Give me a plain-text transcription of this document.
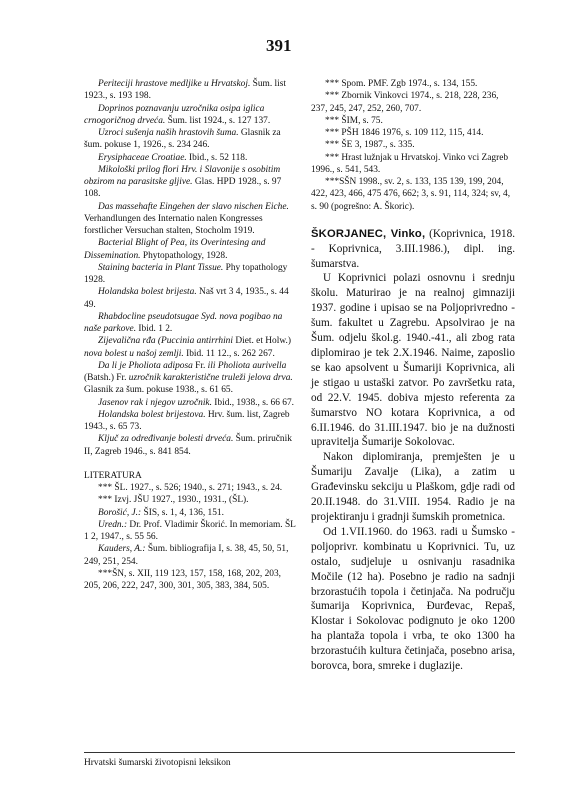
391

Periteciji hrastove medljike u Hrvatskoj. Šum. list 1923., s. 193 198.

Doprinos poznavanju uzročnika osipa iglica crnogoričnog drveća. Šum. list 1924., s. 127 137.

Uzroci sušenja naših hrastovih šuma. Glasnik za šum. pokuse 1, 1926., s. 234 246.

Erysiphaceae Croatiae. Ibid., s. 52 118.

Mikološki prilog flori Hrv. i Slavonije s osobitim obzirom na parasitske gljive. Glas. HPD 1928., s. 97 108.

Das massehafte Eingehen der slavo nischen Eiche. Verhandlungen des Internatio nalen Kongresses forstlicher Versuchan stalten, Stocholm 1919.

Bacterial Blight of Pea, its Overintesing and Dissemination. Phytopathology, 1928.

Staining bacteria in Plant Tissue. Phy topathology 1928.

Holandska bolest brijesta. Naš vrt 3 4, 1935., s. 44 49.

Rhabdocline pseudotsugae Syd. nova pogibao na naše parkove. Ibid. 1 2.

Zijevalična rđa (Puccinia antirrhini Diet. et Holw.) nova bolest u našoj zemlji. Ibid. 11 12., s. 262 267.

Da li je Pholiota adiposa Fr. ili Pholiota aurivella (Batsh.) Fr. uzročnik karakterističnе truleži jelova drva. Glasnik za šum. pokuse 1938., s. 61 65.

Jasenov rak i njegov uzročnik. Ibid., 1938., s. 66 67.

Holandska bolest brijestova. Hrv. šum. list, Zagreb 1943., s. 65 73.

Ključ za određivanje bolesti drveća. Šum. priručnik II, Zagreb 1946., s. 841 854.

LITERATURA

*** ŠL. 1927., s. 526; 1940., s. 271; 1943., s. 24.

*** Izvj. JŠU 1927., 1930., 1931., (ŠL).

Borošić, J.: ŠIS, s. 1, 4, 136, 151.

Uredn.: Dr. Prof. Vladimir Škorić. In memoriam. ŠL 1 2, 1947., s. 55 56.

Kauders, A.: Šum. bibliografija I, s. 38, 45, 50, 51, 249, 251, 254.

***ŠN, s. XII, 119 123, 157, 158, 168, 202, 203, 205, 206, 222, 247, 300, 301, 305, 383, 384, 505.

*** Spom. PMF. Zgb 1974., s. 134, 155.

*** Zbornik Vinkovci 1974., s. 218, 228, 236, 237, 245, 247, 252, 260, 707.

*** ŠIM, s. 75.

*** PŠH 1846 1976, s. 109 112, 115, 414.

*** ŠE 3, 1987., s. 335.

*** Hrast lužnjak u Hrvatskoj. Vinko vci Zagreb 1996., s. 541, 543.

***SŠN 1998., sv. 2, s. 133, 135 139, 199, 204, 422, 423, 466, 475 476, 662; 3, s. 91, 114, 324; sv, 4, s. 90 (pogrešno: A. Škoric).

ŠKORJANEC, Vinko, (Koprivnica, 1918. - Koprivnica, 3.III.1986.), dipl. ing. šumarstva.

U Koprivnici polazi osnovnu i srednju školu. Maturirao je na realnoj gimnaziji 1937. godine i upisao se na Poljoprivredno - šum. fakultet u Zagrebu. Apsolvirao je na Šum. odjelu škol.g. 1940.-41., ali zbog rata diplomirao je tek 2.X.1946. Naime, zaposlio se kao apsolvent u Šumariji Koprivnica, ali je stigao u ustaški zatvor. Po završetku rata, od 22.V. 1945. dobiva mjesto referenta za šumarstvo NO kotara Koprivnica, a od 6.II.1946. do 31.III.1947. bio je na dužnosti upravitelja Šumarije Sokolovac.

Nakon diplomiranja, premješten je u Šumariju Zavalje (Lika), a zatim u Građevinsku sekciju u Plaškom, gdje radi od 20.II.1948. do 31.VIII. 1954. Radio je na projektiranju i gradnji šumskih prometnica.

Od 1.VII.1960. do 1963. radi u Šumsko - poljoprivr. kombinatu u Koprivnici. Tu, uz ostalo, sudjeluje u osnivanju rasadnika Močile (12 ha). Posebno je radio na sadnji brzorastućih topola i četinjača. Na području šumarija Koprivnica, Đurđevac, Repaš, Klostar i Sokolovac podignuto je oko 1200 ha plantaža topola i vrba, te oko 1300 ha brzorastućih kultura četinjača, posebno arisa, borovca, bora, smreke i duglazije.

Hrvatski šumarski životopisni leksikon
